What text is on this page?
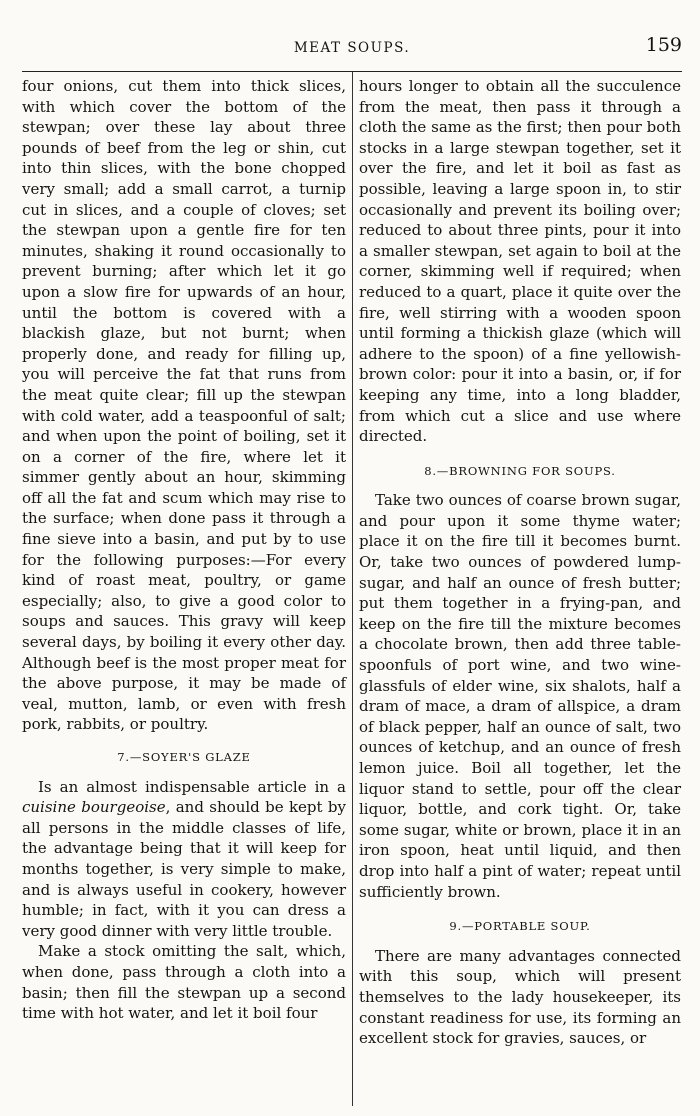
MEAT SOUPS.	159

four onions, cut them into thick slices, with which cover the bottom of the stewpan; over these lay about three pounds of beef from the leg or shin, cut into thin slices, with the bone chopped very small; add a small carrot, a turnip cut in slices, and a couple of cloves; set the stewpan upon a gentle fire for ten minutes, shaking it round occasionally to prevent burning; after which let it go upon a slow fire for upwards of an hour, until the bottom is covered with a blackish glaze, but not burnt; when properly done, and ready for filling up, you will perceive the fat that runs from the meat quite clear; fill up the stewpan with cold water, add a teaspoonful of salt; and when upon the point of boiling, set it on a corner of the fire, where let it simmer gently about an hour, skimming off all the fat and scum which may rise to the surface; when done pass it through a fine sieve into a basin, and put by to use for the following purposes:—For every kind of roast meat, poultry, or game especially; also, to give a good color to soups and sauces. This gravy will keep several days, by boiling it every other day. Although beef is the most proper meat for the above purpose, it may be made of veal, mutton, lamb, or even with fresh pork, rabbits, or poultry.

7.—SOYER'S GLAZE

Is an almost indispensable article in a cuisine bourgeoise, and should be kept by all persons in the middle classes of life, the advantage being that it will keep for months together, is very simple to make, and is always useful in cookery, however humble; in fact, with it you can dress a very good dinner with very little trouble.

Make a stock omitting the salt, which, when done, pass through a cloth into a basin; then fill the stewpan up a second time with hot water, and let it boil four

hours longer to obtain all the succulence from the meat, then pass it through a cloth the same as the first; then pour both stocks in a large stewpan together, set it over the fire, and let it boil as fast as possible, leaving a large spoon in, to stir occasionally and prevent its boiling over; reduced to about three pints, pour it into a smaller stewpan, set again to boil at the corner, skimming well if required; when reduced to a quart, place it quite over the fire, well stirring with a wooden spoon until forming a thickish glaze (which will adhere to the spoon) of a fine yellowish-brown color: pour it into a basin, or, if for keeping any time, into a long bladder, from which cut a slice and use where directed.

8.—BROWNING FOR SOUPS.

Take two ounces of coarse brown sugar, and pour upon it some thyme water; place it on the fire till it becomes burnt. Or, take two ounces of powdered lump-sugar, and half an ounce of fresh butter; put them together in a frying-pan, and keep on the fire till the mixture becomes a chocolate brown, then add three table-spoonfuls of port wine, and two wine-glassfuls of elder wine, six shalots, half a dram of mace, a dram of allspice, a dram of black pepper, half an ounce of salt, two ounces of ketchup, and an ounce of fresh lemon juice. Boil all together, let the liquor stand to settle, pour off the clear liquor, bottle, and cork tight. Or, take some sugar, white or brown, place it in an iron spoon, heat until liquid, and then drop into half a pint of water; repeat until sufficiently brown.

9.—PORTABLE SOUP.

There are many advantages connected with this soup, which will present themselves to the lady housekeeper, its constant readiness for use, its forming an excellent stock for gravies, sauces, or
